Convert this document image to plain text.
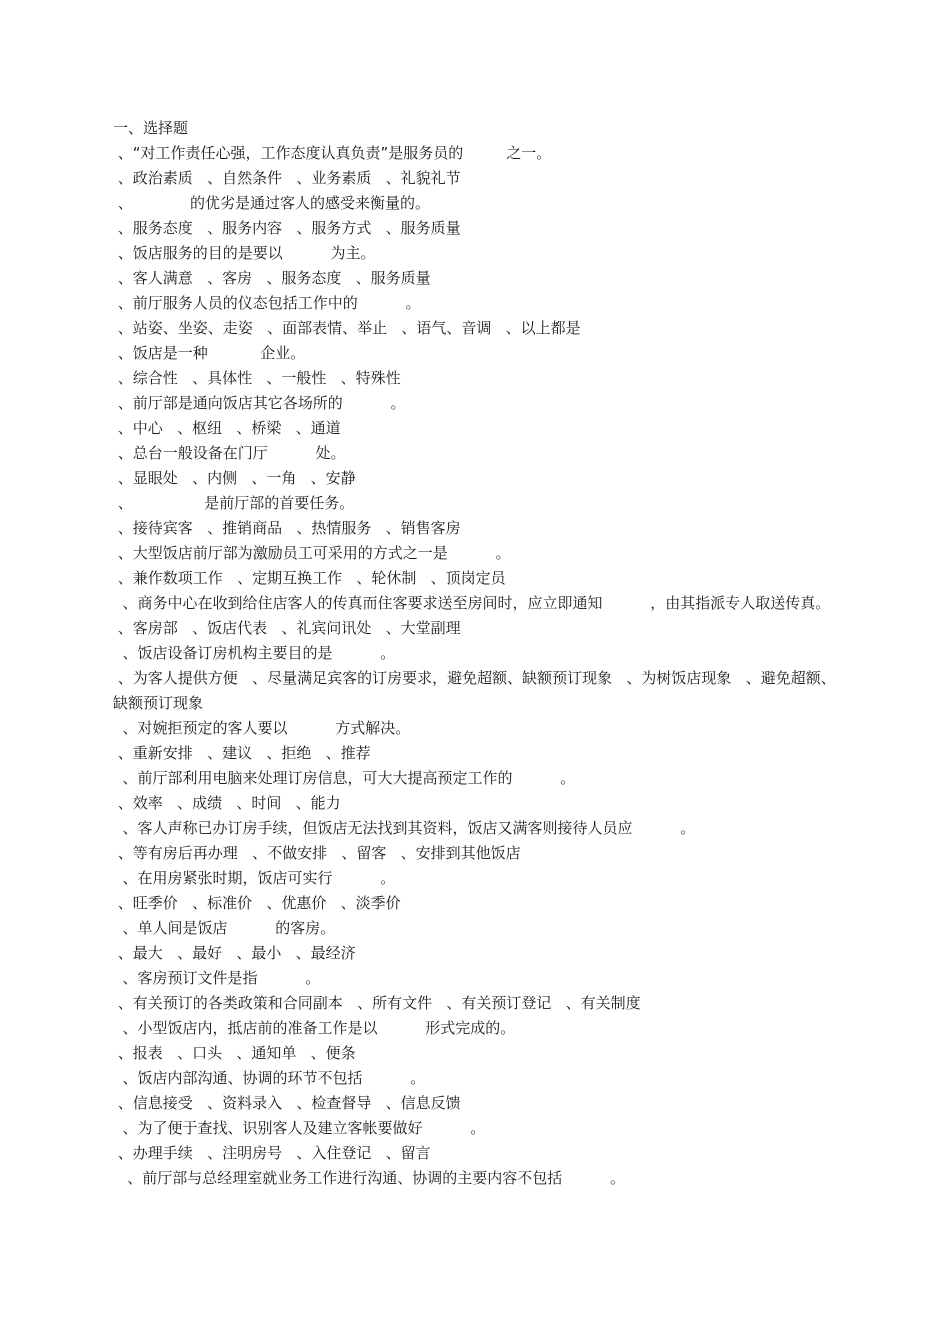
一、选择题
、“对工作责任心强，工作态度认真负责”是服务员的         之一。
、政治素质   、自然条件   、业务素质   、礼貌礼节
、            的优劣是通过客人的感受来衡量的。
、服务态度   、服务内容   、服务方式   、服务质量
、饭店服务的目的是要以          为主。
、客人满意   、客房   、服务态度   、服务质量
、前厅服务人员的仪态包括工作中的          。
、站姿、坐姿、走姿   、面部表情、举止   、语气、音调   、以上都是
、饭店是一种           企业。
、综合性   、具体性   、一般性   、特殊性
、前厅部是通向饭店其它各场所的          。
、中心   、枢纽   、桥梁   、通道
、总台一般设备在门厅          处。
、显眼处   、内侧   、一角   、安静
、               是前厅部的首要任务。
、接待宾客   、推销商品   、热情服务   、销售客房
、大型饭店前厅部为激励员工可采用的方式之一是          。
、兼作数项工作   、定期互换工作   、轮休制   、顶岗定员
、商务中心在收到给住店客人的传真而住客要求送至房间时，应立即通知          ，由其指派专人取送传真。
、客房部   、饭店代表   、礼宾问讯处   、大堂副理
、饭店设备订房机构主要目的是          。
、为客人提供方便   、尽量满足宾客的订房要求，避免超额、缺额预订现象   、为树饭店现象   、避免超额、缺额预订现象
、对婉拒预定的客人要以          方式解决。
、重新安排   、建议   、拒绝   、推荐
、前厅部利用电脑来处理订房信息，可大大提高预定工作的          。
、效率   、成绩   、时间   、能力
、客人声称已办订房手续，但饭店无法找到其资料，饭店又满客则接待人员应          。
、等有房后再办理   、不做安排   、留客   、安排到其他饭店
、在用房紧张时期，饭店可实行          。
、旺季价   、标准价   、优惠价   、淡季价
、单人间是饭店          的客房。
、最大   、最好   、最小   、最经济
、客房预订文件是指          。
、有关预订的各类政策和合同副本   、所有文件   、有关预订登记   、有关制度
、小型饭店内，抵店前的准备工作是以          形式完成的。
、报表   、口头   、通知单   、便条
、饭店内部沟通、协调的环节不包括          。
、信息接受   、资料录入   、检查督导   、信息反馈
、为了便于查找、识别客人及建立客帐要做好          。
、办理手续   、注明房号   、入住登记   、留言
、前厅部与总经理室就业务工作进行沟通、协调的主要内容不包括          。
